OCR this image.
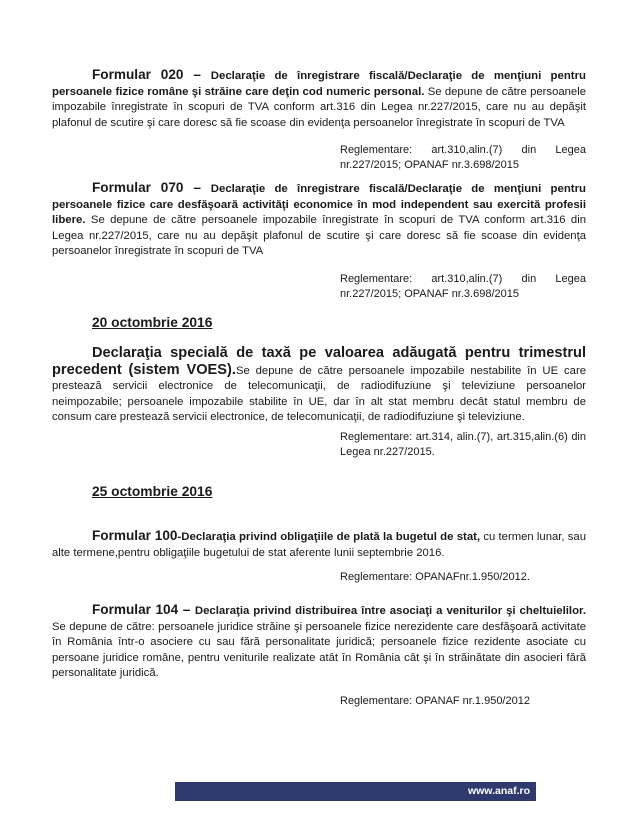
Formular 020 – Declaraţie de înregistrare fiscală/Declaraţie de menţiuni pentru persoanele fizice române şi străine care deţin cod numeric personal. Se depune de către persoanele impozabile înregistrate în scopuri de TVA conform art.316 din Legea nr.227/2015, care nu au depăşit plafonul de scutire şi care doresc să fie scoase din evidenţa persoanelor înregistrate în scopuri de TVA
Reglementare: art.310,alin.(7) din Legea nr.227/2015; OPANAF nr.3.698/2015
Formular 070 – Declaraţie de înregistrare fiscală/Declaraţie de menţiuni pentru persoanele fizice care desfăşoară activităţi economice în mod independent sau exercită profesii libere. Se depune de către persoanele impozabile înregistrate în scopuri de TVA conform art.316 din Legea nr.227/2015, care nu au depăşit plafonul de scutire şi care doresc să fie scoase din evidenţa persoanelor înregistrate în scopuri de TVA
Reglementare: art.310,alin.(7) din Legea nr.227/2015; OPANAF nr.3.698/2015
20 octombrie 2016
Declaraţia specială de taxă pe valoarea adăugată pentru trimestrul precedent (sistem VOES).Se depune de către persoanele impozabile nestabilite în UE care prestează servicii electronice de telecomunicaţii, de radiodifuziune şi televiziune persoanelor neimpozabile; persoanele impozabile stabilite în UE, dar în alt stat membru decât statul membru de consum care prestează servicii electronice, de telecomunicaţii, de radiodifuziune şi televiziune.
Reglementare: art.314, alin.(7), art.315,alin.(6) din Legea nr.227/2015.
25 octombrie 2016
Formular 100-Declaraţia privind obligaţiile de plată la bugetul de stat, cu termen lunar, sau alte termene,pentru obligaţiile bugetului de stat aferente lunii septembrie 2016.
Reglementare: OPANAFnr.1.950/2012.
Formular 104 – Declaraţia privind distribuirea între asociaţi a veniturilor şi cheltuielilor. Se depune de către: persoanele juridice străine şi persoanele fizice nerezidente care desfăşoară activitate în România într-o asociere cu sau fără personalitate juridică; persoanele fizice rezidente asociate cu persoane juridice române, pentru veniturile realizate atât în România cât şi în străinătate din asocieri fără personalitate juridică.
Reglementare: OPANAF nr.1.950/2012
www.anaf.ro
